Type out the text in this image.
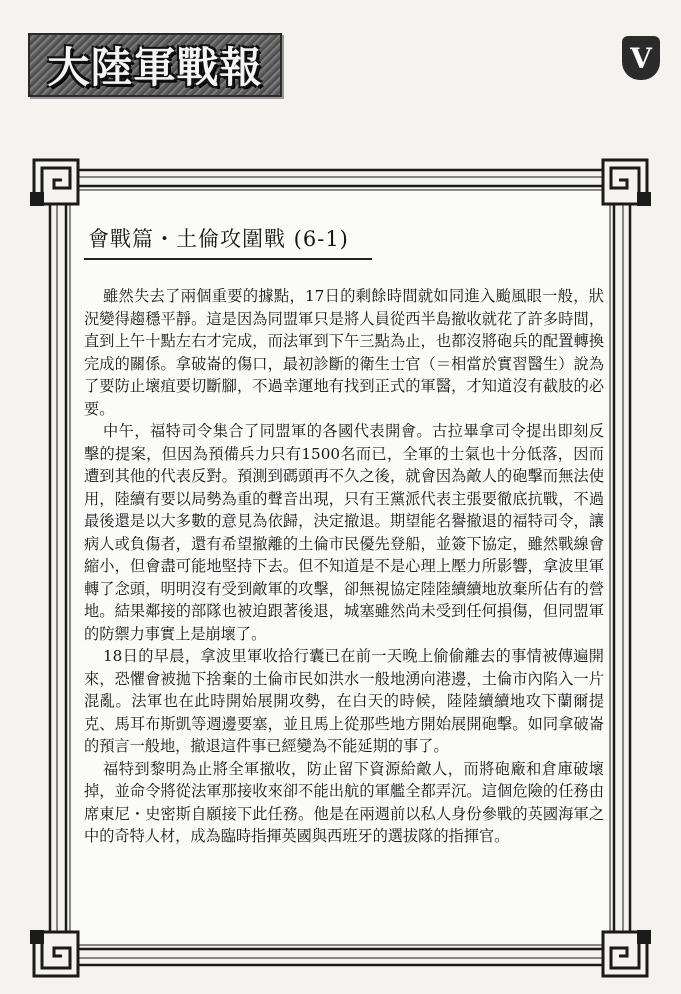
大陸軍戰報	V
會戰篇・土倫攻圍戰 (6-1)

雖然失去了兩個重要的據點，17日的剩餘時間就如同進入颱風眼一般，狀況變得趨穩平靜。這是因為同盟軍只是將人員從西半島撤收就花了許多時間，直到上午十點左右才完成，而法軍到下午三點為止，也都沒將砲兵的配置轉換完成的關係。拿破崙的傷口，最初診斷的衛生士官（＝相當於實習醫生）說為了要防止壞疽要切斷腳，不過幸運地有找到正式的軍醫，才知道沒有截肢的必要。

中午，福特司令集合了同盟軍的各國代表開會。古拉畢拿司令提出即刻反擊的提案，但因為預備兵力只有1500名而已，全軍的士氣也十分低落，因而遭到其他的代表反對。預測到碼頭再不久之後，就會因為敵人的砲擊而無法使用，陸續有要以局勢為重的聲音出現，只有王黨派代表主張要徹底抗戰，不過最後還是以大多數的意見為依歸，決定撤退。期望能名譽撤退的福特司令，讓病人或負傷者，還有希望撤離的土倫市民優先登船，並簽下協定，雖然戰線會縮小，但會盡可能地堅持下去。但不知道是不是心理上壓力所影響，拿波里軍轉了念頭，明明沒有受到敵軍的攻擊，卻無視協定陸陸續續地放棄所佔有的營地。結果鄰接的部隊也被迫跟著後退，城塞雖然尚未受到任何損傷，但同盟軍的防禦力事實上是崩壞了。

18日的早晨，拿波里軍收拾行囊已在前一天晚上偷偷離去的事情被傳遍開來，恐懼會被拋下捨棄的土倫市民如洪水一般地湧向港邊，土倫市內陷入一片混亂。法軍也在此時開始展開攻勢，在白天的時候，陸陸續續地攻下蘭爾提克、馬耳布斯凱等週邊要塞，並且馬上從那些地方開始展開砲擊。如同拿破崙的預言一般地，撤退這件事已經變為不能延期的事了。

福特到黎明為止將全軍撤收，防止留下資源給敵人，而將砲廠和倉庫破壞掉，並命令將從法軍那接收來卻不能出航的軍艦全都弄沉。這個危險的任務由席東尼・史密斯自願接下此任務。他是在兩週前以私人身份參戰的英國海軍之中的奇特人材，成為臨時指揮英國與西班牙的選拔隊的指揮官。
